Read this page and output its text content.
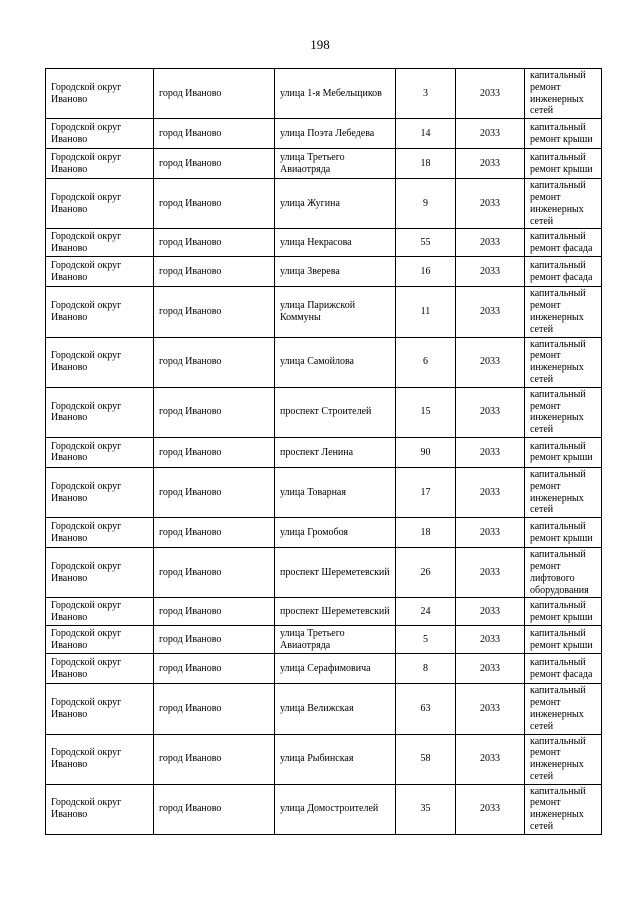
198
Городской округ Иваново	город Иваново	улица 1-я Мебельщиков	3	2033	капитальный ремонт инженерных сетей
Городской округ Иваново	город Иваново	улица Поэта Лебедева	14	2033	капитальный ремонт крыши
Городской округ Иваново	город Иваново	улица Третьего Авиаотряда	18	2033	капитальный ремонт крыши
Городской округ Иваново	город Иваново	улица Жугина	9	2033	капитальный ремонт инженерных сетей
Городской округ Иваново	город Иваново	улица Некрасова	55	2033	капитальный ремонт фасада
Городской округ Иваново	город Иваново	улица Зверева	16	2033	капитальный ремонт фасада
Городской округ Иваново	город Иваново	улица Парижской Коммуны	11	2033	капитальный ремонт инженерных сетей
Городской округ Иваново	город Иваново	улица Самойлова	6	2033	капитальный ремонт инженерных сетей
Городской округ Иваново	город Иваново	проспект Строителей	15	2033	капитальный ремонт инженерных сетей
Городской округ Иваново	город Иваново	проспект Ленина	90	2033	капитальный ремонт крыши
Городской округ Иваново	город Иваново	улица Товарная	17	2033	капитальный ремонт инженерных сетей
Городской округ Иваново	город Иваново	улица Громобоя	18	2033	капитальный ремонт крыши
Городской округ Иваново	город Иваново	проспект Шереметевский	26	2033	капитальный ремонт лифтового оборудования
Городской округ Иваново	город Иваново	проспект Шереметевский	24	2033	капитальный ремонт крыши
Городской округ Иваново	город Иваново	улица Третьего Авиаотряда	5	2033	капитальный ремонт крыши
Городской округ Иваново	город Иваново	улица Серафимовича	8	2033	капитальный ремонт фасада
Городской округ Иваново	город Иваново	улица Велижская	63	2033	капитальный ремонт инженерных сетей
Городской округ Иваново	город Иваново	улица Рыбинская	58	2033	капитальный ремонт инженерных сетей
Городской округ Иваново	город Иваново	улица Домостроителей	35	2033	капитальный ремонт инженерных сетей
